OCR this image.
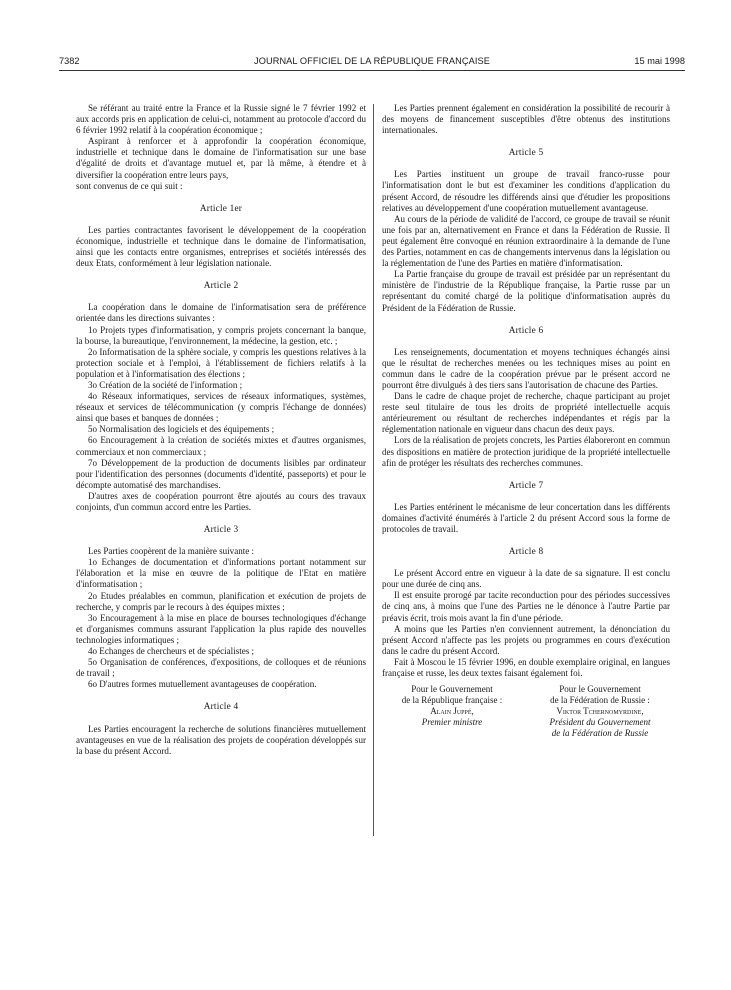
7382	JOURNAL OFFICIEL DE LA RÉPUBLIQUE FRANÇAISE	15 mai 1998

Se référant au traité entre la France et la Russie signé le 7 février 1992 et aux accords pris en application de celui-ci, notamment au protocole d'accord du 6 février 1992 relatif à la coopération économique ;

Aspirant à renforcer et à approfondir la coopération économique, industrielle et technique dans le domaine de l'informatisation sur une base d'égalité de droits et d'avantage mutuel et, par là même, à étendre et à diversifier la coopération entre leurs pays,

sont convenus de ce qui suit :

Article 1er

Les parties contractantes favorisent le développement de la coopération économique, industrielle et technique dans le domaine de l'informatisation, ainsi que les contacts entre organismes, entreprises et sociétés intéressés des deux Etats, conformément à leur législation nationale.

Article 2

La coopération dans le domaine de l'informatisation sera de préférence orientée dans les directions suivantes :

1o Projets types d'informatisation, y compris projets concernant la banque, la bourse, la bureautique, l'environnement, la médecine, la gestion, etc. ;

2o Informatisation de la sphère sociale, y compris les questions relatives à la protection sociale et à l'emploi, à l'établissement de fichiers relatifs à la population et à l'informatisation des élections ;

3o Création de la société de l'information ;

4o Réseaux informatiques, services de réseaux informatiques, systèmes, réseaux et services de télécommunication (y compris l'échange de données) ainsi que bases et banques de données ;

5o Normalisation des logiciels et des équipements ;

6o Encouragement à la création de sociétés mixtes et d'autres organismes, commerciaux et non commerciaux ;

7o Développement de la production de documents lisibles par ordinateur pour l'identification des personnes (documents d'identité, passeports) et pour le décompte automatisé des marchandises.

D'autres axes de coopération pourront être ajoutés au cours des travaux conjoints, d'un commun accord entre les Parties.

Article 3

Les Parties coopèrent de la manière suivante :

1o Echanges de documentation et d'informations portant notamment sur l'élaboration et la mise en œuvre de la politique de l'Etat en matière d'informatisation ;

2o Etudes préalables en commun, planification et exécution de projets de recherche, y compris par le recours à des équipes mixtes ;

3o Encouragement à la mise en place de bourses technologiques d'échange et d'organismes communs assurant l'application la plus rapide des nouvelles technologies informatiques ;

4o Echanges de chercheurs et de spécialistes ;

5o Organisation de conférences, d'expositions, de colloques et de réunions de travail ;

6o D'autres formes mutuellement avantageuses de coopération.

Article 4

Les Parties encouragent la recherche de solutions financières mutuellement avantageuses en vue de la réalisation des projets de coopération développés sur la base du présent Accord.

Les Parties prennent également en considération la possibilité de recourir à des moyens de financement susceptibles d'être obtenus des institutions internationales.

Article 5

Les Parties instituent un groupe de travail franco-russe pour l'informatisation dont le but est d'examiner les conditions d'application du présent Accord, de résoudre les différends ainsi que d'étudier les propositions relatives au développement d'une coopération mutuellement avantageuse.

Au cours de la période de validité de l'accord, ce groupe de travail se réunit une fois par an, alternativement en France et dans la Fédération de Russie. Il peut également être convoqué en réunion extraordinaire à la demande de l'une des Parties, notamment en cas de changements intervenus dans la législation ou la réglementation de l'une des Parties en matière d'informatisation.

La Partie française du groupe de travail est présidée par un représentant du ministère de l'industrie de la République française, la Partie russe par un représentant du comité chargé de la politique d'informatisation auprès du Président de la Fédération de Russie.

Article 6

Les renseignements, documentation et moyens techniques échangés ainsi que le résultat de recherches menées ou les techniques mises au point en commun dans le cadre de la coopération prévue par le présent accord ne pourront être divulgués à des tiers sans l'autorisation de chacune des Parties.

Dans le cadre de chaque projet de recherche, chaque participant au projet reste seul titulaire de tous les droits de propriété intellectuelle acquis antérieurement ou résultant de recherches indépendantes et régis par la réglementation nationale en vigueur dans chacun des deux pays.

Lors de la réalisation de projets concrets, les Parties élaboreront en commun des dispositions en matière de protection juridique de la propriété intellectuelle afin de protéger les résultats des recherches communes.

Article 7

Les Parties entérinent le mécanisme de leur concertation dans les différents domaines d'activité énumérés à l'article 2 du présent Accord sous la forme de protocoles de travail.

Article 8

Le présent Accord entre en vigueur à la date de sa signature. Il est conclu pour une durée de cinq ans.

Il est ensuite prorogé par tacite reconduction pour des périodes successives de cinq ans, à moins que l'une des Parties ne le dénonce à l'autre Partie par préavis écrit, trois mois avant la fin d'une période.

A moins que les Parties n'en conviennent autrement, la dénonciation du présent Accord n'affecte pas les projets ou programmes en cours d'exécution dans le cadre du présent Accord.

Fait à Moscou le 15 février 1996, en double exemplaire original, en langues française et russe, les deux textes faisant également foi.

Pour le Gouvernement
de la République française :
Alain Juppé,
Premier ministre
Pour le Gouvernement
de la Fédération de Russie :
Viktor Tchernomyrdine,
Président du Gouvernement
de la Fédération de Russie
